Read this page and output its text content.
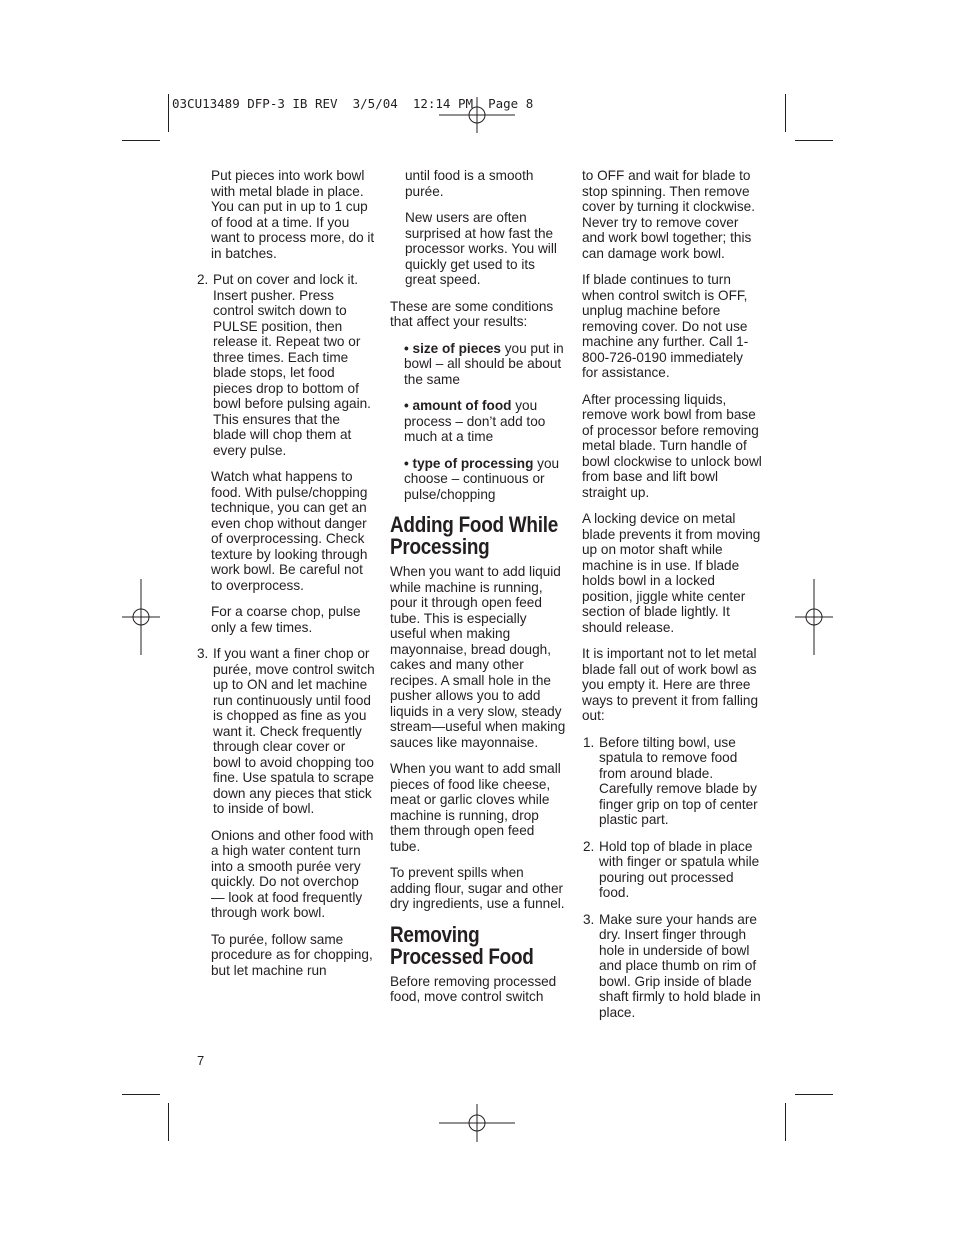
03CU13489 DFP-3 IB REV  3/5/04  12:14 PM  Page 8

Put pieces into work bowl with metal blade in place. You can put in up to 1 cup of food at a time. If you want to process more, do it in batches.

2. Put on cover and lock it. Insert pusher. Press control switch down to PULSE position, then release it. Repeat two or three times. Each time blade stops, let food pieces drop to bottom of bowl before pulsing again. This ensures that the blade will chop them at every pulse.

Watch what happens to food. With pulse/chopping technique, you can get an even chop without danger of overprocessing. Check texture by looking through work bowl. Be careful not to overprocess.

For a coarse chop, pulse only a few times.

3. If you want a finer chop or purée, move control switch up to ON and let machine run continuously until food is chopped as fine as you want it. Check frequently through clear cover or bowl to avoid chopping too fine. Use spatula to scrape down any pieces that stick to inside of bowl.

Onions and other food with a high water content turn into a smooth purée very quickly. Do not overchop — look at food frequently through work bowl.

To purée, follow same procedure as for chopping, but let machine run

until food is a smooth purée.

New users are often surprised at how fast the processor works. You will quickly get used to its great speed.

These are some conditions that affect your results:

• size of pieces you put in bowl – all should be about the same

• amount of food you process – don’t add too much at a time

• type of processing you choose – continuous or pulse/chopping

Adding Food While
Processing

When you want to add liquid while machine is running, pour it through open feed tube. This is especially useful when making mayonnaise, bread dough, cakes and many other recipes. A small hole in the pusher allows you to add liquids in a very slow, steady stream—useful when making sauces like mayonnaise.

When you want to add small pieces of food like cheese, meat or garlic cloves while machine is running, drop them through open feed tube.

To prevent spills when adding flour, sugar and other dry ingredients, use a funnel.

Removing
Processed Food

Before removing processed food, move control switch

to OFF and wait for blade to stop spinning. Then remove cover by turning it clockwise. Never try to remove cover and work bowl together; this can damage work bowl.

If blade continues to turn when control switch is OFF, unplug machine before removing cover. Do not use machine any further. Call 1-800-726-0190 immediately for assistance.

After processing liquids, remove work bowl from base of processor before removing metal blade. Turn handle of bowl clockwise to unlock bowl from base and lift bowl straight up.

A locking device on metal blade prevents it from moving up on motor shaft while machine is in use. If blade holds bowl in a locked position, jiggle white center section of blade lightly. It should release.

It is important not to let metal blade fall out of work bowl as you empty it. Here are three ways to prevent it from falling out:

1. Before tilting bowl, use spatula to remove food from around blade. Carefully remove blade by finger grip on top of center plastic part.

2. Hold top of blade in place with finger or spatula while pouring out processed food.

3. Make sure your hands are dry. Insert finger through hole in underside of bowl and place thumb on rim of bowl. Grip inside of blade shaft firmly to hold blade in place.

7
